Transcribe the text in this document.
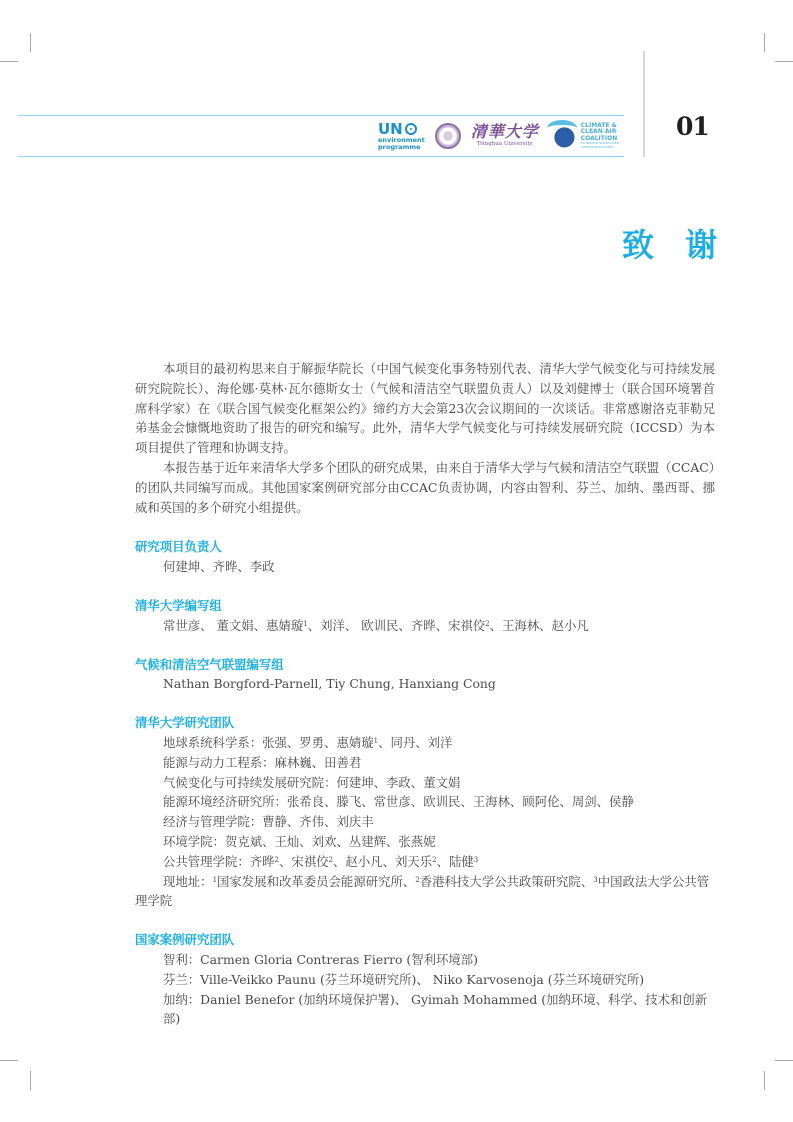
01
UN
environment
programme
清華大学
Tsinghua University
CLIMATE &
CLEAN AIR
COALITION
TO REDUCE SHORT-LIVED
CLIMATE POLLUTANTS
致 谢

本项目的最初构思来自于解振华院长（中国气候变化事务特别代表、清华大学气候变化与可持续发展研究院院长）、海伦娜·莫林·瓦尔德斯女士（气候和清洁空气联盟负责人）以及刘健博士（联合国环境署首席科学家）在《联合国气候变化框架公约》缔约方大会第23次会议期间的一次谈话。非常感谢洛克菲勒兄弟基金会慷慨地资助了报告的研究和编写。此外，清华大学气候变化与可持续发展研究院（ICCSD）为本项目提供了管理和协调支持。

本报告基于近年来清华大学多个团队的研究成果，由来自于清华大学与气候和清洁空气联盟（CCAC）的团队共同编写而成。其他国家案例研究部分由CCAC负责协调，内容由智利、芬兰、加纳、墨西哥、挪威和英国的多个研究小组提供。

研究项目负责人

何建坤、齐晔、李政

清华大学编写组

常世彦、 董文娟、惠婧璇$^1$、刘洋、 欧训民、齐晔、宋祺佼$^2$、王海林、赵小凡

气候和清洁空气联盟编写组

Nathan Borgford-Parnell, Tiy Chung, Hanxiang Cong

清华大学研究团队

地球系统科学系：张强、罗勇、惠婧璇$^1$、同丹、刘洋

能源与动力工程系：麻林巍、田善君

气候变化与可持续发展研究院：何建坤、李政、董文娟

能源环境经济研究所：张希良、滕飞、常世彦、欧训民、王海林、顾阿伦、周剑、侯静

经济与管理学院：曹静、齐伟、刘庆丰

环境学院：贺克斌、王灿、刘欢、丛建辉、张燕妮

公共管理学院：齐晔$^2$、宋祺佼$^2$、赵小凡、刘天乐$^2$、陆健$^3$

现地址：$^1$国家发展和改革委员会能源研究所、$^2$香港科技大学公共政策研究院、$^3$中国政法大学公共管理学院

国家案例研究团队

智利：Carmen Gloria Contreras Fierro (智利环境部)

芬兰：Ville-Veikko Paunu (芬兰环境研究所)、 Niko Karvosenoja (芬兰环境研究所)

加纳：Daniel Benefor (加纳环境保护署)、 Gyimah Mohammed (加纳环境、科学、技术和创新部)
